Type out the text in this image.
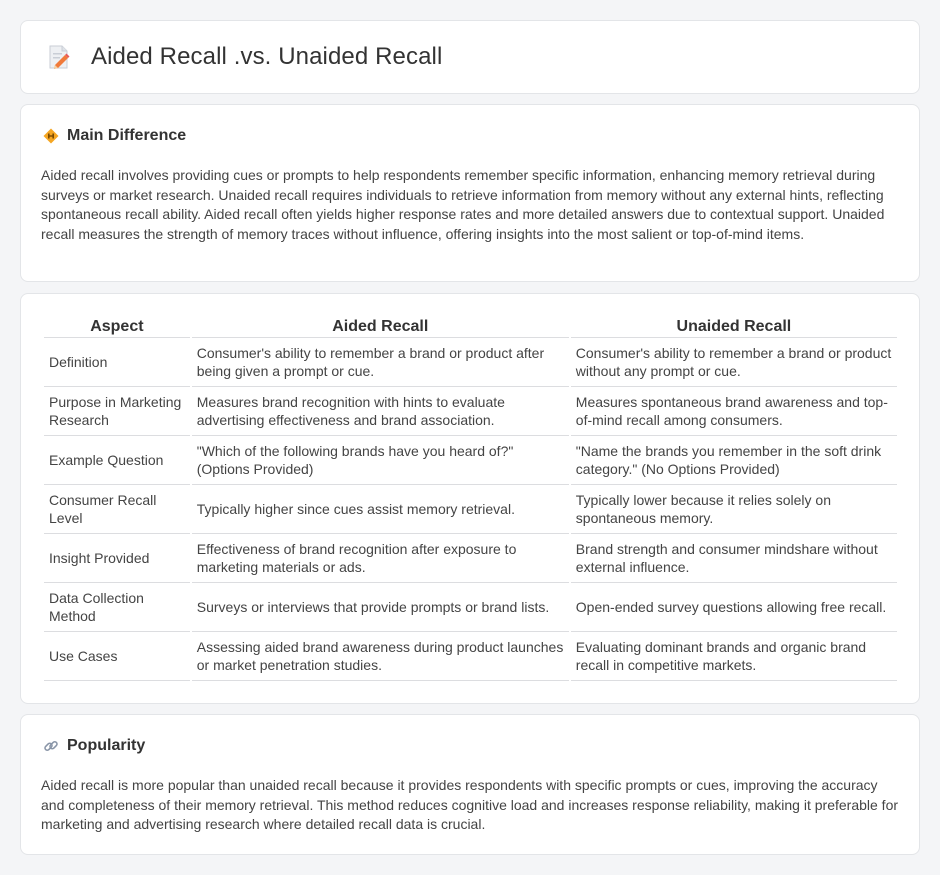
Aided Recall .vs. Unaided Recall
Main Difference

Aided recall involves providing cues or prompts to help respondents remember specific information, enhancing memory retrieval during surveys or market research. Unaided recall requires individuals to retrieve information from memory without any external hints, reflecting spontaneous recall ability. Aided recall often yields higher response rates and more detailed answers due to contextual support. Unaided recall measures the strength of memory traces without influence, offering insights into the most salient or top-of-mind items.

Aspect	Aided Recall	Unaided Recall
Definition	Consumer's ability to remember a brand or product after being given a prompt or cue.	Consumer's ability to remember a brand or product without any prompt or cue.
Purpose in Marketing Research	Measures brand recognition with hints to evaluate advertising effectiveness and brand association.	Measures spontaneous brand awareness and top-of-mind recall among consumers.
Example Question	"Which of the following brands have you heard of?" (Options Provided)	"Name the brands you remember in the soft drink category." (No Options Provided)
Consumer Recall Level	Typically higher since cues assist memory retrieval.	Typically lower because it relies solely on spontaneous memory.
Insight Provided	Effectiveness of brand recognition after exposure to marketing materials or ads.	Brand strength and consumer mindshare without external influence.
Data Collection Method	Surveys or interviews that provide prompts or brand lists.	Open-ended survey questions allowing free recall.
Use Cases	Assessing aided brand awareness during product launches or market penetration studies.	Evaluating dominant brands and organic brand recall in competitive markets.
Popularity

Aided recall is more popular than unaided recall because it provides respondents with specific prompts or cues, improving the accuracy and completeness of their memory retrieval. This method reduces cognitive load and increases response reliability, making it preferable for marketing and advertising research where detailed recall data is crucial.
